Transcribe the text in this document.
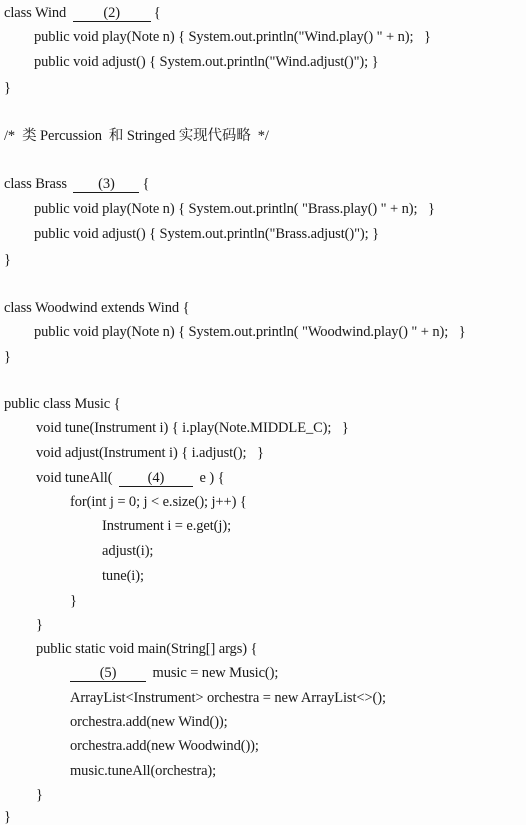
class Wind	(2) {
public void play(Note n) { System.out.println("Wind.play() " + n);   }
public void adjust() { System.out.println("Wind.adjust()"); }
}
/*  类 Percussion  和 Stringed 实现代码略  */
class Brass (3) {
public void play(Note n) { System.out.println( "Brass.play() " + n);   }
public void adjust() { System.out.println("Brass.adjust()"); }
}
class Woodwind extends Wind {
public void play(Note n) { System.out.println( "Woodwind.play() " + n);   }
}
public class Music {
void tune(Instrument i) { i.play(Note.MIDDLE_C);   }
void adjust(Instrument i) { i.adjust();   }
void tuneAll( (4) e ) {
for(int j = 0; j < e.size(); j++) {
Instrument i = e.get(j);
adjust(i);
tune(i);
}
}
public static void main(String[] args) {
(5) music = new Music();
ArrayList<Instrument> orchestra = new ArrayList<>();
orchestra.add(new Wind());
orchestra.add(new Woodwind());
music.tuneAll(orchestra);
}
}
